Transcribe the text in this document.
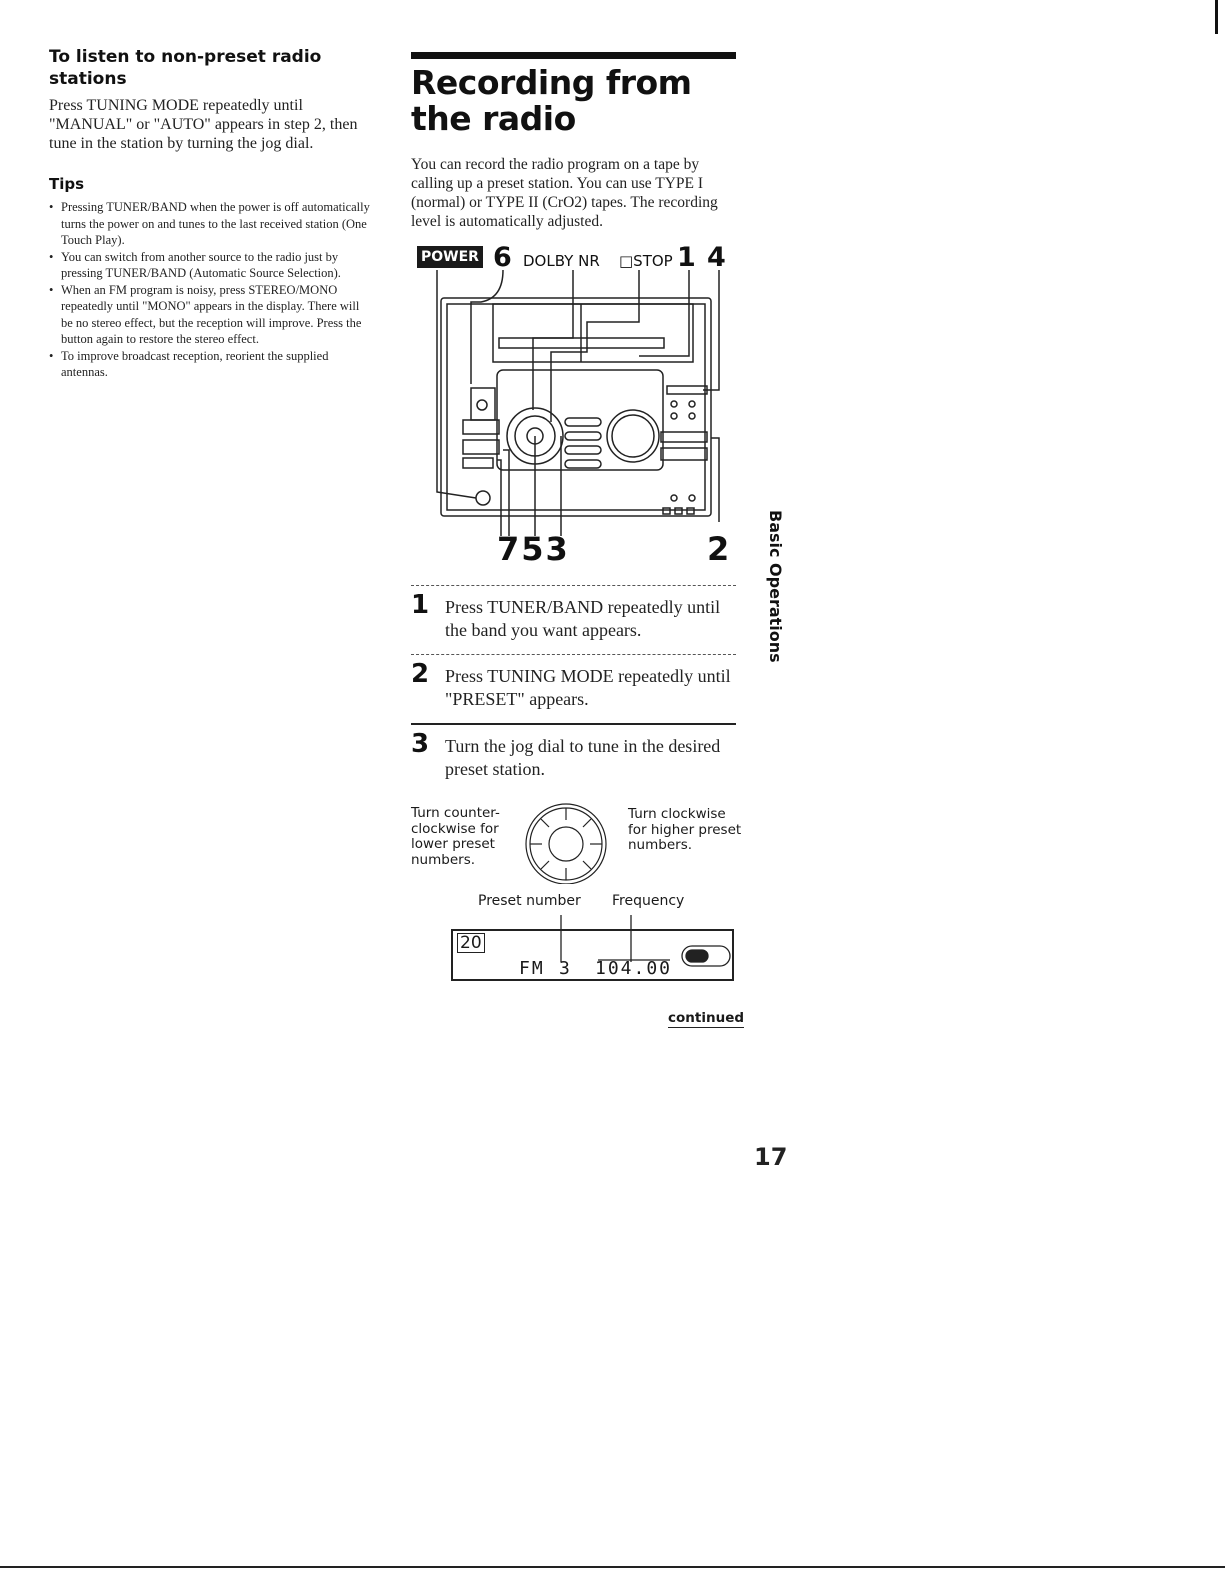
To listen to non-preset radio stations

Press TUNING MODE repeatedly until "MANUAL" or "AUTO" appears in step 2, then tune in the station by turning the jog dial.

Tips
• Pressing TUNER/BAND when the power is off automatically turns the power on and tunes to the last received station (One Touch Play).
• You can switch from another source to the radio just by pressing TUNER/BAND (Automatic Source Selection).
• When an FM program is noisy, press STEREO/MONO repeatedly until "MONO" appears in the display. There will be no stereo effect, but the reception will improve. Press the button again to restore the stereo effect.
• To improve broadcast reception, reorient the supplied antennas.
Recording from the radio

You can record the radio program on a tape by calling up a preset station. You can use TYPE I (normal) or TYPE II (CrO2) tapes. The recording level is automatically adjusted.

POWER 6 DOLBY NR □STOP 1 4
753	2
1 Press TUNER/BAND repeatedly until the band you want appears.

2 Press TUNING MODE repeatedly until "PRESET" appears.

3 Turn the jog dial to tune in the desired preset station.

Turn counter-clockwise for lower preset numbers.

Turn clockwise for higher preset numbers.

Preset number Frequency
20
FM 3 104.00
continued
Basic Operations
17
